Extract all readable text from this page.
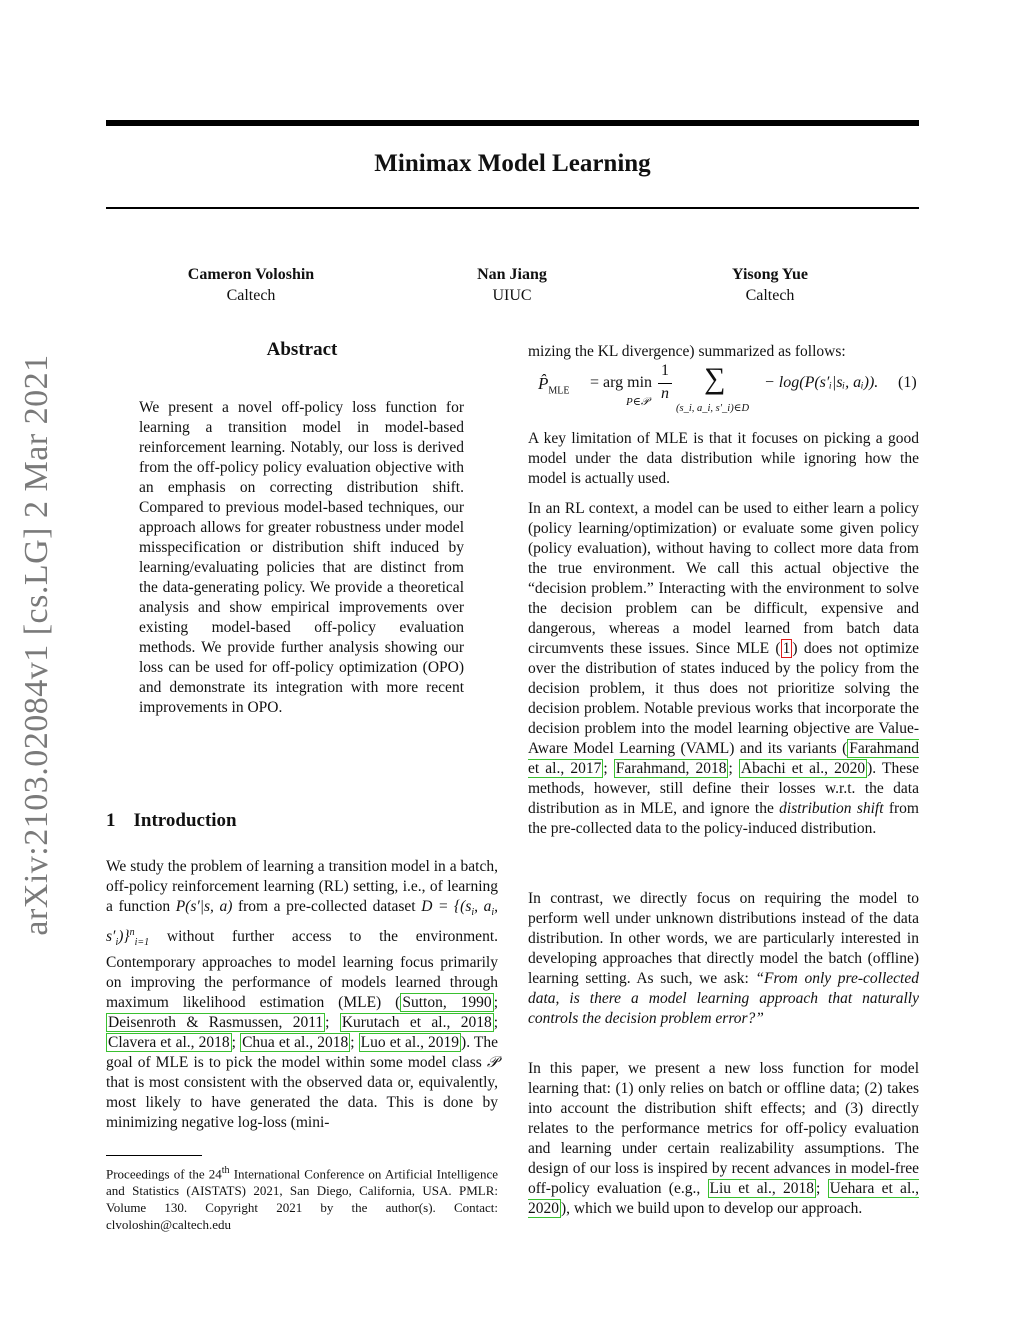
arXiv:2103.02084v1 [cs.LG] 2 Mar 2021
Minimax Model Learning
Cameron Voloshin
Caltech
Nan Jiang
UIUC
Yisong Yue
Caltech
Abstract
We present a novel off-policy loss function for learning a transition model in model-based reinforcement learning. Notably, our loss is derived from the off-policy policy evaluation objective with an emphasis on correcting distribution shift. Compared to previous model-based techniques, our approach allows for greater robustness under model misspecification or distribution shift induced by learning/evaluating policies that are distinct from the data-generating policy. We provide a theoretical analysis and show empirical improvements over existing model-based off-policy evaluation methods. We provide further analysis showing our loss can be used for off-policy optimization (OPO) and demonstrate its integration with more recent improvements in OPO.
1 Introduction
We study the problem of learning a transition model in a batch, off-policy reinforcement learning (RL) setting, i.e., of learning a function P(s′|s, a) from a pre-collected dataset $D = \{(s_i$, $a_i$, $s'_i)\}^n_{i=1}$ without further access to the environment. Contemporary approaches to model learning focus primarily on improving the performance of models learned through maximum likelihood estimation (MLE) ( Sutton, 1990 ; Deisenroth & Rasmussen, 2011 ; Kurutach et al., 2018 ; Clavera et al., 2018 ; Chua et al., 2018 ; Luo et al., 2019 ). The goal of MLE is to pick the model within some model class 𝒫 that is most consistent with the observed data or, equivalently, most likely to have generated the data. This is done by minimizing negative log-loss (mini-
Proceedings of the 24th International Conference on Artificial Intelligence and Statistics (AISTATS) 2021, San Diego, California, USA. PMLR: Volume 130. Copyright 2021 by the author(s). Contact: clvoloshin@caltech.edu
mizing the KL divergence) summarized as follows:
$P̂_{MLE}$ = arg min
P∈𝒫
1
n ∑
(s_i, a_i, s′_i)∈D
− log(P(s′ᵢ|sᵢ, aᵢ)). (1)
A key limitation of MLE is that it focuses on picking a good model under the data distribution while ignoring how the model is actually used.
In an RL context, a model can be used to either learn a policy (policy learning/optimization) or evaluate some given policy (policy evaluation), without having to collect more data from the true environment. We call this actual objective the “decision problem.” Interacting with the environment to solve the decision problem can be difficult, expensive and dangerous, whereas a model learned from batch data circumvents these issues. Since MLE ( 1 ) does not optimize over the distribution of states induced by the policy from the decision problem, it thus does not prioritize solving the decision problem. Notable previous works that incorporate the decision problem into the model learning objective are Value-Aware Model Learning (VAML) and its variants ( Farahmand et al., 2017 ; Farahmand, 2018 ; Abachi et al., 2020 ). These methods, however, still define their losses w.r.t. the data distribution as in MLE, and ignore the distribution shift from the pre-collected data to the policy-induced distribution.
In contrast, we directly focus on requiring the model to perform well under unknown distributions instead of the data distribution. In other words, we are particularly interested in developing approaches that directly model the batch (offline) learning setting. As such, we ask: “From only pre-collected data, is there a model learning approach that naturally controls the decision problem error?”
In this paper, we present a new loss function for model learning that: (1) only relies on batch or offline data; (2) takes into account the distribution shift effects; and (3) directly relates to the performance metrics for off-policy evaluation and learning under certain realizability assumptions. The design of our loss is inspired by recent advances in model-free off-policy evaluation (e.g., Liu et al., 2018 ; Uehara et al., 2020 ), which we build upon to develop our approach.
